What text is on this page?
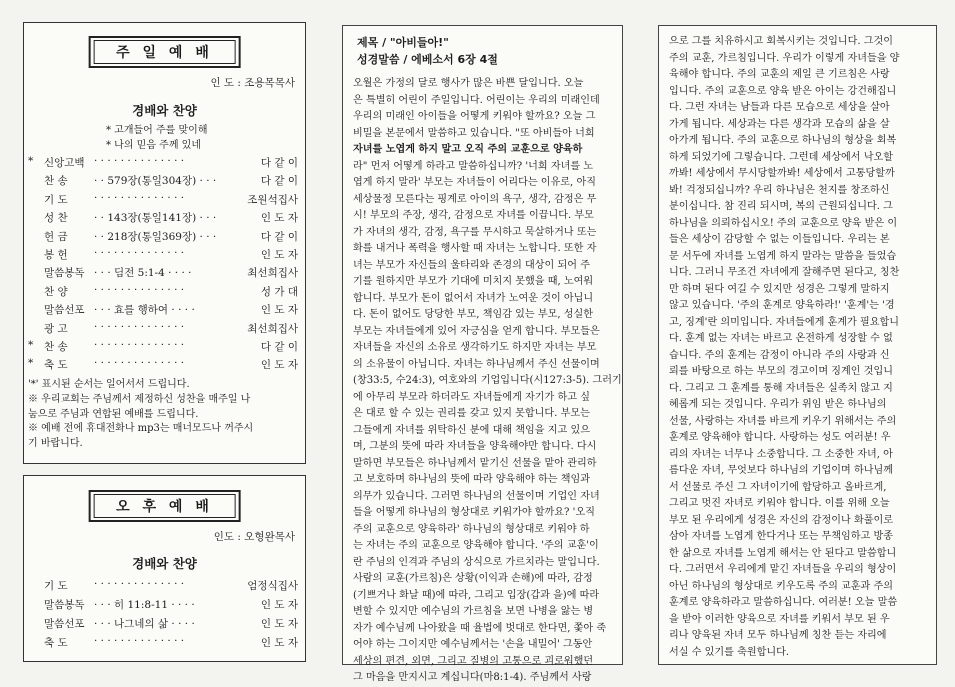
주 일 예 배
인 도 : 조용목목사
경배와 찬양
* 고개들어 주를 맞이해
* 나의 믿음 주께 있네
*	신앙고백 · · · · · · · · · · · · · ·	다 같 이
찬 송	· · 579장(통일304장) · · ·	다 같 이
기 도	· · · · · · · · · · · · · ·	조원석집사
성 찬	· · 143장(통일141장) · · ·	인 도 자
헌 금	· · 218장(통일369장) · · ·	다 같 이
봉 헌	· · · · · · · · · · · · · ·	인 도 자
말씀봉독 · · · 딤전 5:1-4 · · · ·	최선희집사
찬 양	· · · · · · · · · · · · · ·	성 가 대
말씀선포 · · · 효를 행하여 · · · ·	인 도 자
광 고	· · · · · · · · · · · · · ·	최선희집사
*	찬 송	· · · · · · · · · · · · · ·	다 같 이
*	축 도	· · · · · · · · · · · · · ·	인 도 자
'*' 표시된 순서는 일어서서 드립니다.
※ 우리교회는 주님께서 제정하신 성찬을 매주일 나
눔으로 주님과 연합된 예배를 드립니다.
※ 예배 전에 휴대전화나 mp3는 매너모드나 꺼주시
기 바랍니다.
오 후 예 배
인도 : 오형완목사
경배와 찬양
기 도	· · · · · · · · · · · · · ·	엄정식집사
말씀봉독 · · · 히 11:8-11 · · · ·	인 도 자
말씀선포 · · · 나그네의 삶 · · · ·	인 도 자
축 도	· · · · · · · · · · · · · ·	인 도 자
제목 / "아비들아!"
성경말씀 / 에베소서 6장 4절
오월은 가정의 달로 행사가 많은 바쁜 달입니다. 오늘
은 특별히 어린이 주일입니다. 어린이는 우리의 미래인데
우리의 미래인 아이들을 어떻게 키워야 할까요? 오늘 그
비밀을 본문에서 말씀하고 있습니다. "또 아비들아 너희
자녀를 노엽게 하지 말고 오직 주의 교훈으로 양육하
라" 먼저 어떻게 하라고 말씀하십니까? '너희 자녀를 노
엽게 하지 말라' 부모는 자녀들이 어리다는 이유로, 아직
세상물정 모른다는 핑계로 아이의 욕구, 생각, 감정은 무
시! 부모의 주장, 생각, 감정으로 자녀를 이끕니다. 부모
가 자녀의 생각, 감정, 욕구를 무시하고 묵살하거나 또는
화를 내거나 폭력을 행사할 때 자녀는 노합니다. 또한 자
녀는 부모가 자신들의 울타리와 존경의 대상이 되어 주
기를 원하지만 부모가 기대에 미치지 못했을 때, 노여워
합니다. 부모가 돈이 없어서 자녀가 노여운 것이 아닙니
다. 돈이 없어도 당당한 부모, 책임감 있는 부모, 성실한
부모는 자녀들에게 있어 자긍심을 얻게 합니다. 부모들은
자녀들을 자신의 소유로 생각하기도 하지만 자녀는 부모
의 소유물이 아닙니다. 자녀는 하나님께서 주신 선물이며
(창33:5, 수24:3), 여호와의 기업입니다(시127:3-5). 그러기
에 아무리 부모라 하더라도 자녀들에게 자기가 하고 싶
은 대로 할 수 있는 권리를 갖고 있지 못합니다. 부모는
그들에게 자녀를 위탁하신 분에 대해 책임을 지고 있으
며, 그분의 뜻에 따라 자녀들을 양육해야만 합니다. 다시
말하면 부모들은 하나님께서 맡기신 선물을 맡아 관리하
고 보호하며 하나님의 뜻에 따라 양육해야 하는 책임과
의무가 있습니다. 그러면 하나님의 선물이며 기업인 자녀
들을 어떻게 하나님의 형상대로 키워가야 할까요? '오직
주의 교훈으로 양육하라' 하나님의 형상대로 키워야 하
는 자녀는 주의 교훈으로 양육해야 합니다. '주의 교훈'이
란 주님의 인격과 주님의 상식으로 가르치라는 말입니다.
사람의 교훈(가르침)은 상황(이익과 손해)에 따라, 감정
(기쁘거나 화날 때)에 따라, 그리고 입장(갑과 을)에 따라
변할 수 있지만 예수님의 가르침을 보면 나병을 앓는 병
자가 예수님께 나아왔을 때 율법에 벗대로 한다면, 쫓아 죽
어야 하는 그이지만 예수님께서는 '손을 내밀어' 그동안
세상의 편견, 외면, 그리고 질병의 고통으로 괴로워했던
그 마음을 만지시고 계십니다(마8:1-4). 주님께서 사랑
으로 그를 치유하시고 회복시키는 것입니다. 그것이
주의 교훈, 가르침입니다. 우리가 이렇게 자녀들을 양
육해야 합니다. 주의 교훈의 제일 큰 기르침은 사랑
입니다. 주의 교훈으로 양육 받은 아이는 강건해집니
다. 그런 자녀는 남들과 다른 모습으로 세상을 살아
가게 됩니다. 세상과는 다른 생각과 모습의 삶을 살
아가게 됩니다. 주의 교훈으로 하나님의 형상을 회복
하게 되었기에 그렇습니다. 그런데 세상에서 낙오할
까봐! 세상에서 무시당할까봐! 세상에서 고통당할까
봐! 걱정되십니까? 우리 하나님은 천지를 창조하신
분이십니다. 참 진리 되시며, 복의 근원되십니다. 그
하나님을 의뢰하십시오! 주의 교훈으로 양육 받은 이
들은 세상이 감당할 수 없는 이들입니다. 우리는 본
문 서두에 자녀를 노엽게 하지 말라는 말씀을 들었습
니다. 그러니 무조건 자녀에게 잘해주면 된다고, 칭찬
만 하며 된다 여길 수 있지만 성경은 그렇게 말하지
않고 있습니다. '주의 훈계로 양육하라!' '훈계'는 '경
고, 징계'란 의미입니다. 자녀들에게 훈계가 필요합니
다. 훈계 없는 자녀는 바르고 온전하게 성장할 수 없
습니다. 주의 훈계는 감정이 아니라 주의 사랑과 신
뢰를 바탕으로 하는 부모의 경고이며 징계인 것입니
다. 그리고 그 훈계를 통해 자녀들은 실족치 않고 지
혜롭게 되는 것입니다. 우리가 위임 받은 하나님의
선물, 사랑하는 자녀를 바르게 키우기 위해서는 주의
훈계로 양육해야 합니다. 사랑하는 성도 여러분! 우
리의 자녀는 너무나 소중합니다. 그 소중한 자녀, 아
름다운 자녀, 무엇보다 하나님의 기업이며 하나님께
서 선물로 주신 그 자녀이기에 합당하고 올바르게,
그리고 멋진 자녀로 키워야 합니다. 이를 위해 오늘
부모 된 우리에게 성경은 자신의 감정이나 화풀이로
삼아 자녀를 노엽게 한다거나 또는 무책임하고 방종
한 삶으로 자녀를 노엽게 해서는 안 된다고 말씀합니
다. 그러면서 우리에게 맡긴 자녀들을 우리의 형상이
아닌 하나님의 형상대로 키우도록 주의 교훈과 주의
훈계로 양육하라고 말씀하십니다. 여러분! 오늘 말씀
을 받아 이러한 양육으로 자녀를 키워서 부모 된 우
리나 양육된 자녀 모두 하나님께 칭찬 듣는 자리에
서실 수 있기를 축원합니다.
